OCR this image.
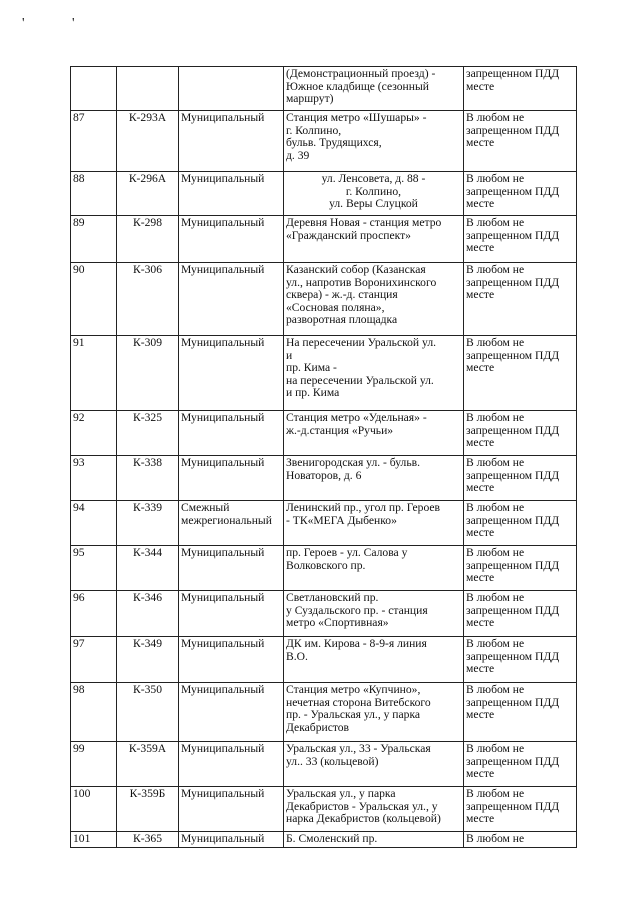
' '

			(Демонстрационный проезд) -
Южное кладбище (сезонный
маршрут)	запрещенном ПДД
месте

87	К-293А	Муниципальный	Станция метро «Шушары» -
г. Колпино,
бульв. Трудящихся,
д. 39	В любом не
запрещенном ПДД
месте

88	К-296А	Муниципальный	ул. Ленсовета, д. 88 -
г. Колпино,
ул. Веры Слуцкой	В любом не
запрещенном ПДД
месте

89	К-298	Муниципальный	Деревня Новая - станция метро
«Гражданский проспект»	В любом не
запрещенном ПДД
месте

90	К-306	Муниципальный	Казанский собор (Казанская
ул., напротив Воронихинского
сквера) - ж.-д. станция
«Сосновая поляна»,
разворотная площадка	В любом не
запрещенном ПДД
месте

91	К-309	Муниципальный	На пересечении Уральской ул.
и
пр. Кима -
на пересечении Уральской ул.
и пр. Кима	В любом не
запрещенном ПДД
месте

92	К-325	Муниципальный	Станция метро «Удельная» -
ж.-д.станция «Ручьи»	В любом не
запрещенном ПДД
месте

93	К-338	Муниципальный	Звенигородская ул. - бульв.
Новаторов, д. 6	В любом не
запрещенном ПДД
месте

94	К-339	Смежный
межрегиональный	Ленинский пр., угол пр. Героев
- ТК«МЕГА Дыбенко»	В любом не
запрещенном ПДД
месте

95	К-344	Муниципальный	пр. Героев - ул. Салова у
Волковского пр.	В любом не
запрещенном ПДД
месте

96	К-346	Муниципальный	Светлановский пр.
у Суздальского пр. - станция
метро «Спортивная»	В любом не
запрещенном ПДД
месте

97	К-349	Муниципальный	ДК им. Кирова - 8-9-я линия
В.О.	В любом не
запрещенном ПДД
месте

98	К-350	Муниципальный	Станция метро «Купчино»,
нечетная сторона Витебского
пр. - Уральская ул., у парка
Декабристов	В любом не
запрещенном ПДД
месте

99	К-359А	Муниципальный	Уральская ул., 33 - Уральская
ул.. 33 (кольцевой)	В любом не
запрещенном ПДД
месте

100	К-359Б	Муниципальный	Уральская ул., у парка
Декабристов - Уральская ул., у
нарка Декабристов (кольцевой)	В любом не
запрещенном ПДД
месте

101	К-365	Муниципальный	Б. Смоленский пр.	В любом не
